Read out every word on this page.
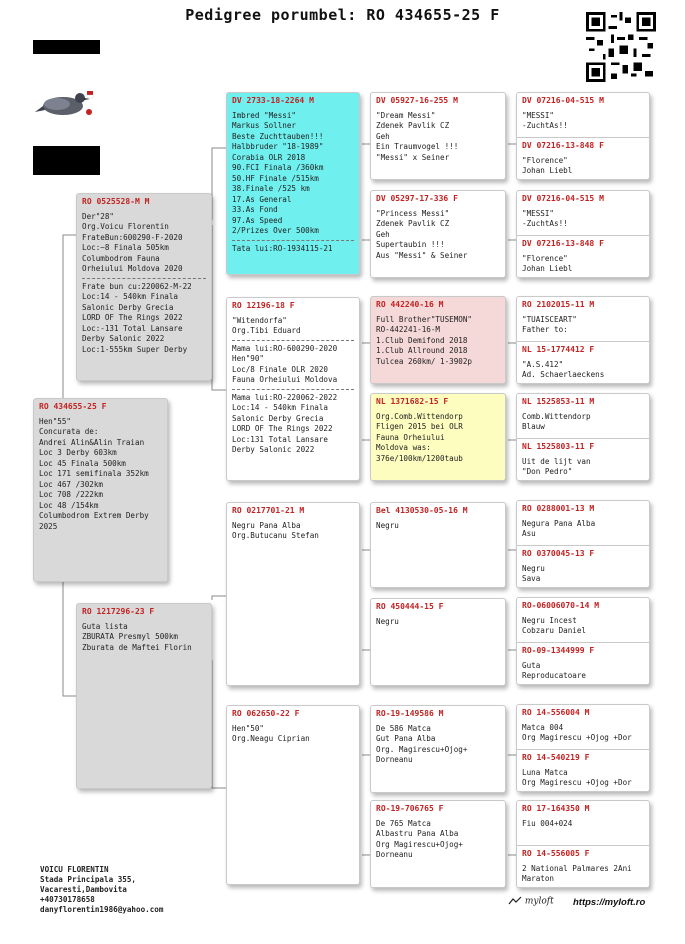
Pedigree porumbel: RO 434655-25 F
RO 434655-25 F
Hen"55"
Concurata de:
Andrei Alin&Alin Traian
Loc 3 Derby 603km
Loc 45 Finala 500km
Loc 171 semifinala 352km
Loc 467 /302km
Loc 708 /222km
Loc 48 /154km
Columbodrom Extrem Derby
2025
RO 0525528-M M
Der"28"
Org.Voicu Florentin
FrateBun:600290-F-2020
Loc:~8 Finala 505km
Columbodrom Fauna
Orheiului Moldova 2020
Frate bun cu:220062-M-22
Loc:14 - 540km Finala
Salonic Derby Grecia
LORD OF The Rings 2022
Loc:-131 Total Lansare
Derby Salonic 2022
Loc:1-555km Super Derby
RO 1217296-23 F
Guta lista
ZBURATA Presmyl 500km
Zburata de Maftei Florin
DV 2733-18-2264 M
Imbred "Messi"
Markus Sollner
Beste Zuchttauben!!!
Halbbruder "18-1989"
Corabia OLR 2018
90.FCI Finala /360km
50.HF Finale /515km
38.Finale /525 km
17.As General
33.As Fond
97.As Speed
2/Prizes Over 500km
Tata lui:RO-1934115-21
RO 12196-18 F
"Witendorfa"
Org.Tibi Eduard
Mama lui:RO-600290-2020
Hen"90"
Loc/8 Finale OLR 2020
Fauna Orheiului Moldova
Mama lui:RO-220062-2022
Loc:14 - 540km Finala
Salonic Derby Grecia
LORD OF The Rings 2022
Loc:131 Total Lansare
Derby Salonic 2022
RO 0217701-21 M
Negru Pana Alba
Org.Butucanu Stefan
RO 062650-22 F
Hen"50"
Org.Neagu Ciprian
DV 05927-16-255 M
"Dream Messi"
Zdenek Pavlik CZ
Geh
Ein Traumvogel !!!
"Messi" x Seiner
DV 05297-17-336 F
"Princess Messi"
Zdenek Pavlik CZ
Geh
Supertaubin !!!
Aus "Messi" & Seiner
RO 442240-16 M
Full Brother"TUSEMON"
RO-442241-16-M
1.Club Demifond 2018
1.Club Allround 2018
Tulcea 260km/ 1-3902p
NL 1371682-15 F
Org.Comb.Wittendorp
Fligen 2015 bei OLR
Fauna Orheiului
Moldova was:
376e/100km/1200taub
Bel 4130530-05-16 M
Negru
RO 450444-15 F
Negru
RO-19-149586 M
De 586 Matca
Gut Pana Alba
Org. Magirescu+Ojog+
Dorneanu
RO-19-706765 F
De 765 Matca
Albastru Pana Alba
Org Magirescu+Ojog+
Dorneanu
DV 07216-04-515 M
"MESSI"
-ZuchtAs!!
DV 07216-13-848 F
"Florence"
Johan Liebl
DV 07216-04-515 M
"MESSI"
-ZuchtAs!!
DV 07216-13-848 F
"Florence"
Johan Liebl
RO 2102015-11 M
"TUAISCEART"
Father to:
NL 15-1774412 F
"A.S.412"
Ad. Schaerlaeckens
NL 1525853-11 M
Comb.Wittendorp
Blauw
NL 1525803-11 F
Uit de lijt van
"Don Pedro"
RO 0288001-13 M
Negura Pana Alba
Asu
RO 0370045-13 F
Negru
Sava
RO-06006070-14 M
Negru Incest
Cobzaru Daniel
RO-09-1344999 F
Guta
Reproducatoare
RO 14-556004 M
Matca 004
Org Magirescu +Ojog +Dor
RO 14-540219 F
Luna Matca
Org Magirescu +Ojog +Dor
RO 17-164350 M
Fiu 004+024
RO 14-556005 F
2 National Palmares 2Ani
Maraton
VOICU FLORENTIN
Stada Principala 355,
Vacaresti,Dambovita
+40730178658
danyflorentin1986@yahoo.com
myloft https://myloft.ro
